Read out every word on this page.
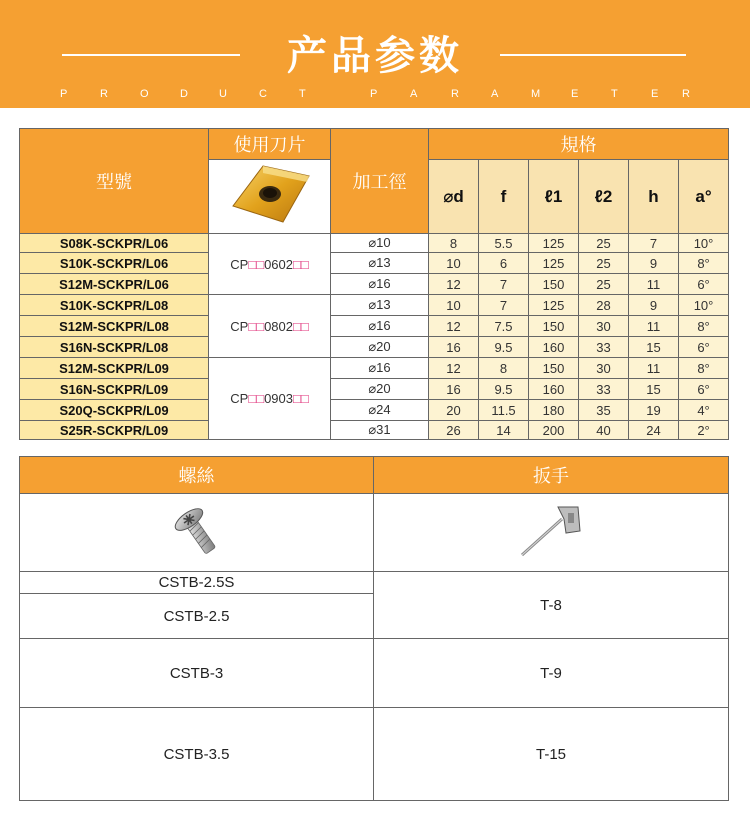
产品参数
P	R	O	D	U	C	T	P	A	R	A	M	E	T	E R
型號	使用刀片	加工徑	規格					
	⌀d	f	ℓ1	ℓ2	h	a°
S08K-SCKPR/L06	CP□□0602□□	⌀10	8	5.5	125	25	7	10°
S10K-SCKPR/L06		⌀13	10	6	125	25	9	8°
S12M-SCKPR/L06		⌀16	12	7	150	25	11	6°
S10K-SCKPR/L08	CP□□0802□□	⌀13	10	7	125	28	9	10°
S12M-SCKPR/L08		⌀16	12	7.5	150	30	11	8°
S16N-SCKPR/L08		⌀20	16	9.5	160	33	15	6°
S12M-SCKPR/L09	CP□□0903□□	⌀16	12	8	150	30	11	8°
S16N-SCKPR/L09		⌀20	16	9.5	160	33	15	6°
S20Q-SCKPR/L09		⌀24	20	11.5	180	35	19	4°
S25R-SCKPR/L09		⌀31	26	14	200	40	24	2°
螺絲	扳手

CSTB-2.5S	T-8
CSTB-2.5	
CSTB-3	T-9
CSTB-3.5	T-15
